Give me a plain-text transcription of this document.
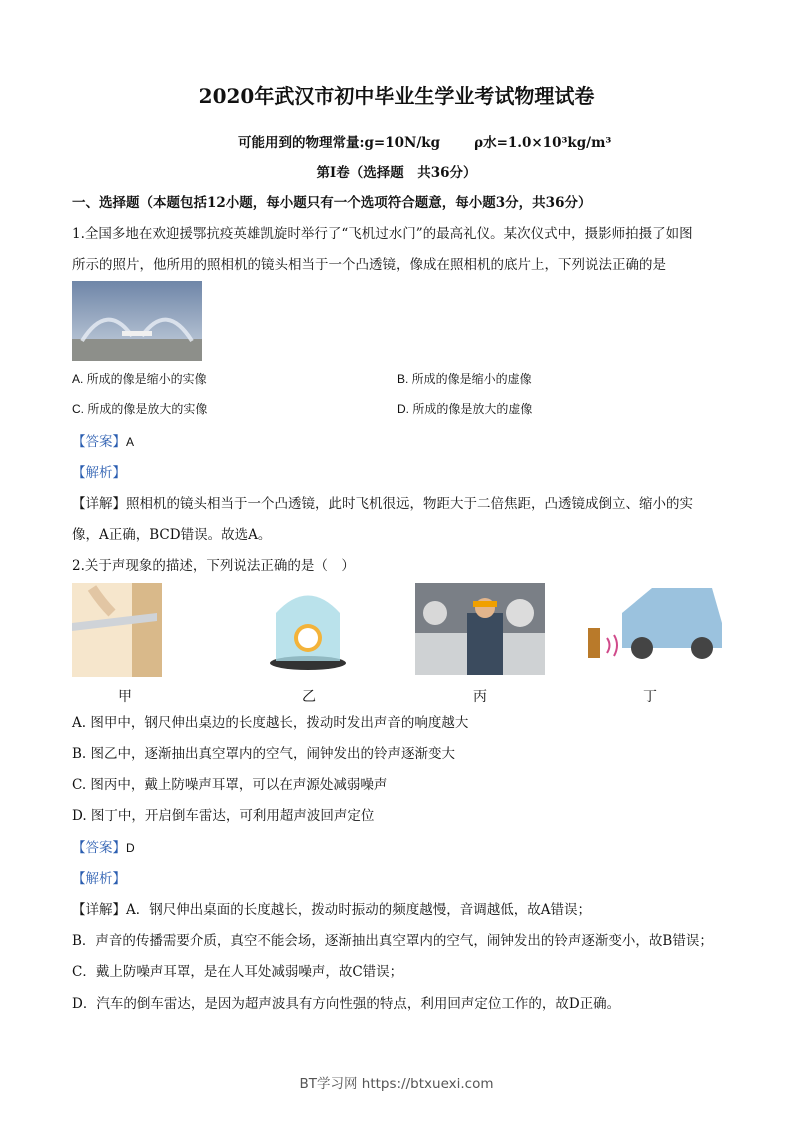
2020年武汉市初中毕业生学业考试物理试卷
可能用到的物理常量:g=10N/kg	ρ水=1.0×10³kg/m³
第I卷（选择题　共36分）
一、选择题（本题包括12小题，每小题只有一个选项符合题意，每小题3分，共36分）
1.全国多地在欢迎援鄂抗疫英雄凯旋时举行了“飞机过水门”的最高礼仪。某次仪式中，摄影师拍摄了如图
所示的照片，他所用的照相机的镜头相当于一个凸透镜，像成在照相机的底片上，下列说法正确的是
A. 所成的像是缩小的实像	B. 所成的像是缩小的虚像
C. 所成的像是放大的实像	D. 所成的像是放大的虚像
【答案】A
【解析】
【详解】照相机的镜头相当于一个凸透镜，此时飞机很远，物距大于二倍焦距，凸透镜成倒立、缩小的实
像，A正确，BCD错误。故选A。
2.关于声现象的描述，下列说法正确的是（　）
甲	乙	丙	丁
A. 图甲中，钢尺伸出桌边的长度越长，拨动时发出声音的响度越大
B. 图乙中，逐渐抽出真空罩内的空气，闹钟发出的铃声逐渐变大
C. 图丙中，戴上防噪声耳罩，可以在声源处减弱噪声
D. 图丁中，开启倒车雷达，可利用超声波回声定位
【答案】D
【解析】
【详解】A．钢尺伸出桌面的长度越长，拨动时振动的频度越慢，音调越低，故A错误；
B．声音的传播需要介质，真空不能会场，逐渐抽出真空罩内的空气，闹钟发出的铃声逐渐变小，故B错误；
C．戴上防噪声耳罩，是在人耳处减弱噪声，故C错误；
D．汽车的倒车雷达，是因为超声波具有方向性强的特点，利用回声定位工作的，故D正确。
BT学习网 https://btxuexi.com
